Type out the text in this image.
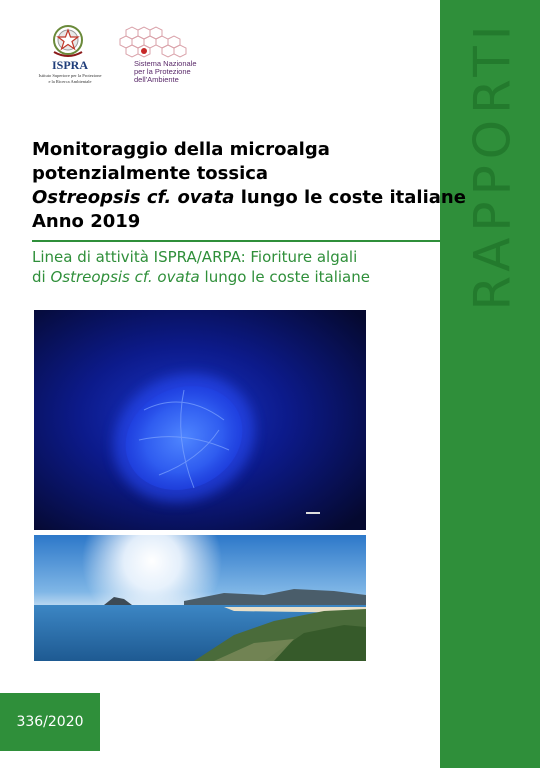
RAPPORTI
ISPRA
Istituto Superiore per la Protezione
e la Ricerca Ambientale
Sistema Nazionale
per la Protezione
dell'Ambiente
Monitoraggio della microalga
potenzialmente tossica
Ostreopsis cf. ovata lungo le coste italiane
Anno 2019
Linea di attività ISPRA/ARPA: Fioriture algali
di Ostreopsis cf. ovata lungo le coste italiane
336/2020
